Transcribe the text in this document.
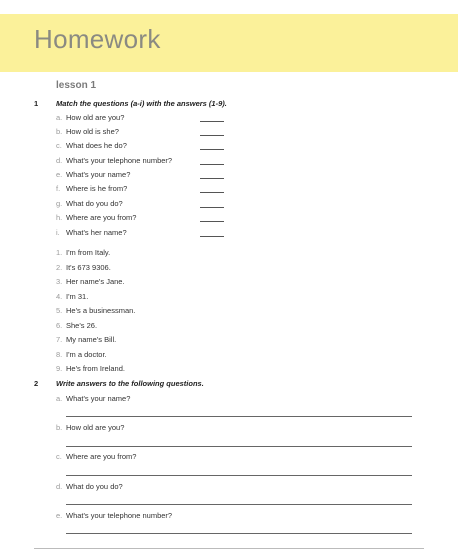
Homework
lesson 1
1 Match the questions (a-i) with the answers (1-9).
a. How old are you?
b. How old is she?
c. What does he do?
d. What's your telephone number?
e. What's your name?
f. Where is he from?
g. What do you do?
h. Where are you from?
i. What's her name?
1. I'm from Italy.
2. It's 673 9306.
3. Her name's Jane.
4. I'm 31.
5. He's a businessman.
6. She's 26.
7. My name's Bill.
8. I'm a doctor.
9. He's from Ireland.
2 Write answers to the following questions.
a. What's your name?
b. How old are you?
c. Where are you from?
d. What do you do?
e. What's your telephone number?
